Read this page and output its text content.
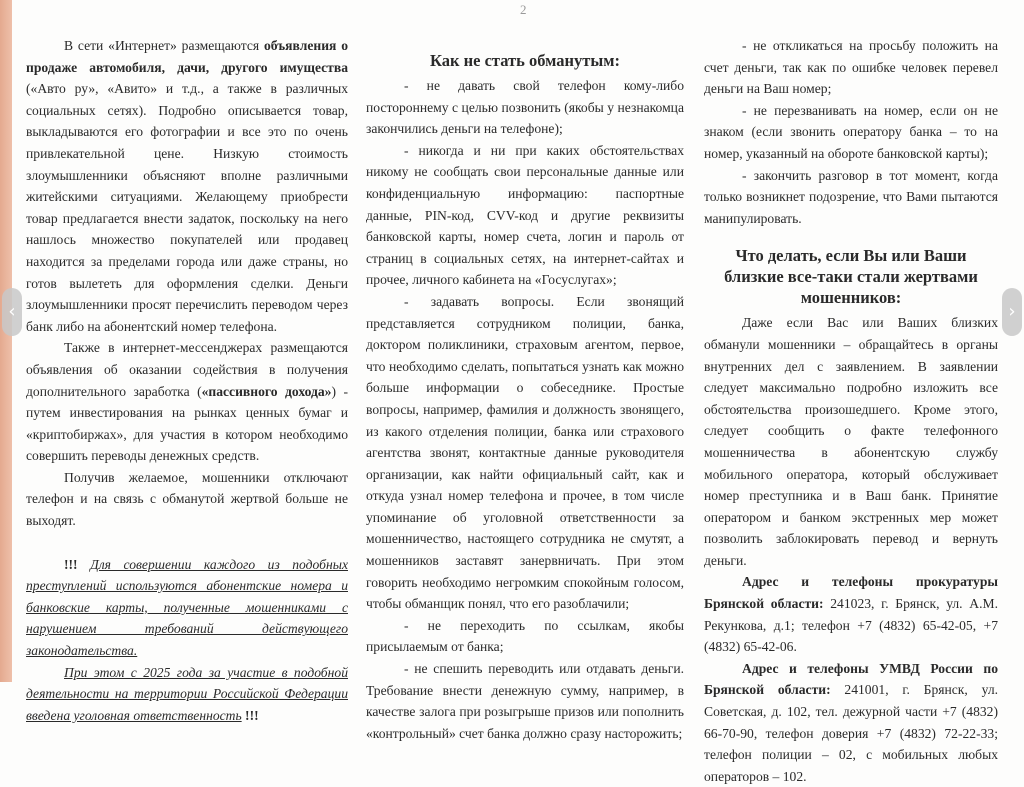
2

В сети «Интернет» размещаются объявления о продаже автомобиля, дачи, другого имущества («Авто ру», «Авито» и т.д., а также в различных социальных сетях). Подробно описывается товар, выкладываются его фотографии и все это по очень привлекательной цене. Низкую стоимость злоумышленники объясняют вполне различными житейскими ситуациями. Желающему приобрести товар предлагается внести задаток, поскольку на него нашлось множество покупателей или продавец находится за пределами города или даже страны, но готов вылететь для оформления сделки. Деньги злоумышленники просят перечислить переводом через банк либо на абонентский номер телефона.

Также в интернет-мессенджерах размещаются объявления об оказании содействия в получения дополнительного заработка («пассивного дохода») - путем инвестирования на рынках ценных бумаг и «криптобиржах», для участия в котором необходимо совершить переводы денежных средств.

Получив желаемое, мошенники отключают телефон и на связь с обманутой жертвой больше не выходят.

!!! Для совершении каждого из подобных преступлений используются абонентские номера и банковские карты, полученные мошенниками с нарушением требований действующего законодательства.

При этом с 2025 года за участие в подобной деятельности на территории Российской Федерации введена уголовная ответственность !!!

Как не стать обманутым:

- не давать свой телефон кому-либо постороннему с целью позвонить (якобы у незнакомца закончились деньги на телефоне);

- никогда и ни при каких обстоятельствах никому не сообщать свои персональные данные или конфиденциальную информацию: паспортные данные, PIN-код, CVV-код и другие реквизиты банковской карты, номер счета, логин и пароль от страниц в социальных сетях, на интернет-сайтах и прочее, личного кабинета на «Госуслугах»;

- задавать вопросы. Если звонящий представляется сотрудником полиции, банка, доктором поликлиники, страховым агентом, первое, что необходимо сделать, попытаться узнать как можно больше информации о собеседнике. Простые вопросы, например, фамилия и должность звонящего, из какого отделения полиции, банка или страхового агентства звонят, контактные данные руководителя организации, как найти официальный сайт, как и откуда узнал номер телефона и прочее, в том числе упоминание об уголовной ответственности за мошенничество, настоящего сотрудника не смутят, а мошенников заставят занервничать. При этом говорить необходимо негромким спокойным голосом, чтобы обманщик понял, что его разоблачили;

- не переходить по ссылкам, якобы присылаемым от банка;

- не спешить переводить или отдавать деньги. Требование внести денежную сумму, например, в качестве залога при розыгрыше призов или пополнить «контрольный» счет банка должно сразу насторожить;

- не откликаться на просьбу положить на счет деньги, так как по ошибке человек перевел деньги на Ваш номер;

- не перезванивать на номер, если он не знаком (если звонить оператору банка – то на номер, указанный на обороте банковской карты);

- закончить разговор в тот момент, когда только возникнет подозрение, что Вами пытаются манипулировать.

Что делать, если Вы или Ваши близкие все-таки стали жертвами мошенников:

Даже если Вас или Ваших близких обманули мошенники – обращайтесь в органы внутренних дел с заявлением. В заявлении следует максимально подробно изложить все обстоятельства произошедшего. Кроме этого, следует сообщить о факте телефонного мошенничества в абонентскую службу мобильного оператора, который обслуживает номер преступника и в Ваш банк. Принятие оператором и банком экстренных мер может позволить заблокировать перевод и вернуть деньги.

Адрес и телефоны прокуратуры Брянской области: 241023, г. Брянск, ул. А.М. Рекункова, д.1; телефон +7 (4832) 65-42-05, +7 (4832) 65-42-06.

Адрес и телефоны УМВД России по Брянской области: 241001, г. Брянск, ул. Советская, д. 102, тел. дежурной части +7 (4832) 66-70-90, телефон доверия +7 (4832) 72-22-33; телефон полиции – 02, с мобильных любых операторов – 102.

‹	›
